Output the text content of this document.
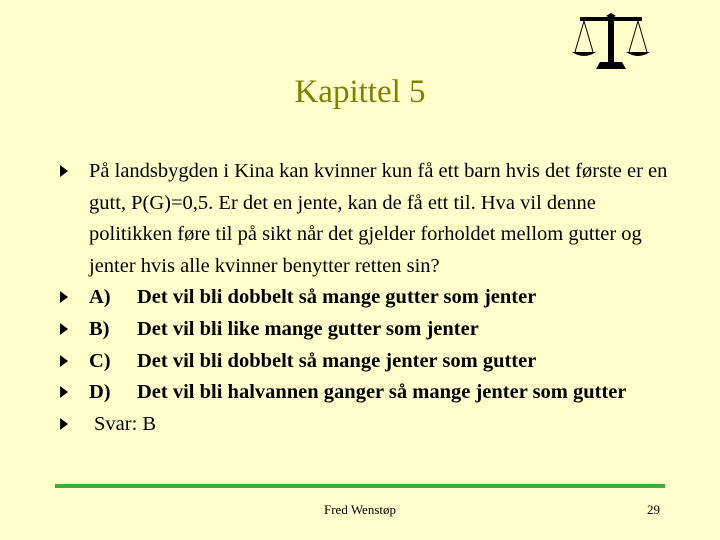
Kapittel 5
På landsbygden i Kina kan kvinner kun få ett barn hvis det første er en gutt, P(G)=0,5. Er det en jente, kan de få ett til. Hva vil denne politikken føre til på sikt når det gjelder forholdet mellom gutter og jenter hvis alle kvinner benytter retten sin?
A) Det vil bli dobbelt så mange gutter som jenter
B) Det vil bli like mange gutter som jenter
C) Det vil bli dobbelt så mange jenter som gutter
D) Det vil bli halvannen ganger så mange jenter som gutter
Svar: B
Fred Wenstøp	29
